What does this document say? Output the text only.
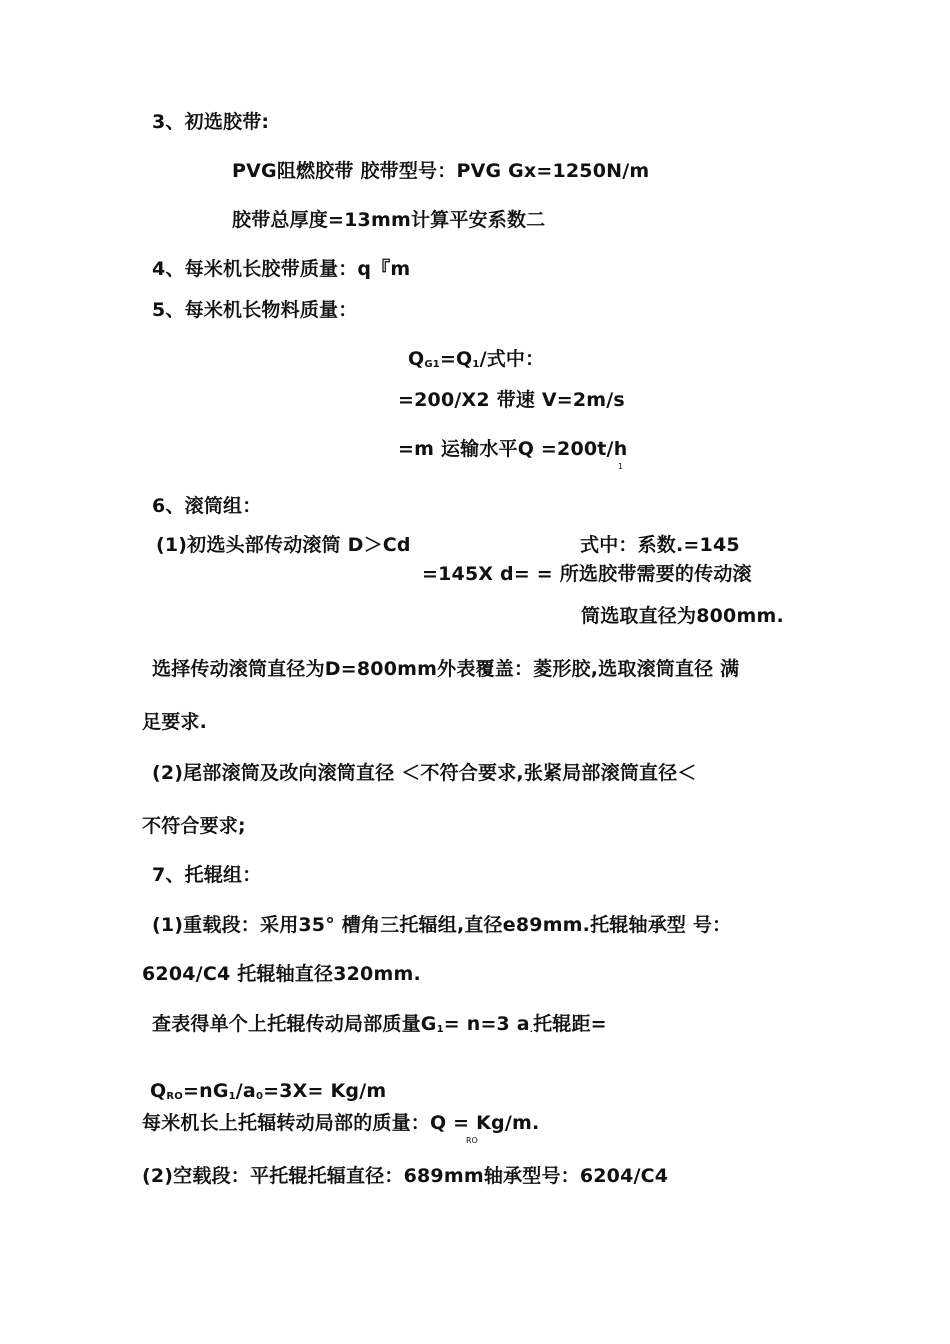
3、初选胶带:
PVG阻燃胶带 胶带型号：PVG Gx=1250N/m
胶带总厚度=13mm计算平安系数二
4、每米机长胶带质量：q『m
5、每米机长物料质量：
$Q_{G1}=Q_1/$式中：
=200/X2 带速 V=2m/s
=m 运输水平Q =200t/h
1
6、滚筒组：
(1)初选头部传动滚筒 D＞Cd	式中：系数.=145
=145X d= = 所选胶带需要的传动滚
筒选取直径为800mm.
选择传动滚筒直径为D=800mm外表覆盖：菱形胶,选取滚筒直径 满
足要求.
(2)尾部滚筒及改向滚筒直径 ＜不符合要求,张紧局部滚筒直径＜
不符合要求;
7、托辊组：
(1)重载段：采用35° 槽角三托辐组,直径e89mm.托辊轴承型 号：
6204/C4 托辊轴直径320mm.
查表得单个上托辊传动局部质量$G_1= n=3$ a.托辊距=
$Q_{RO}=nG_1/a_0=3X= Kg/m$
每米机长上托辐转动局部的质量：Q = Kg/m.
RO
(2)空载段：平托辊托辐直径：689mm轴承型号：6204/C4
